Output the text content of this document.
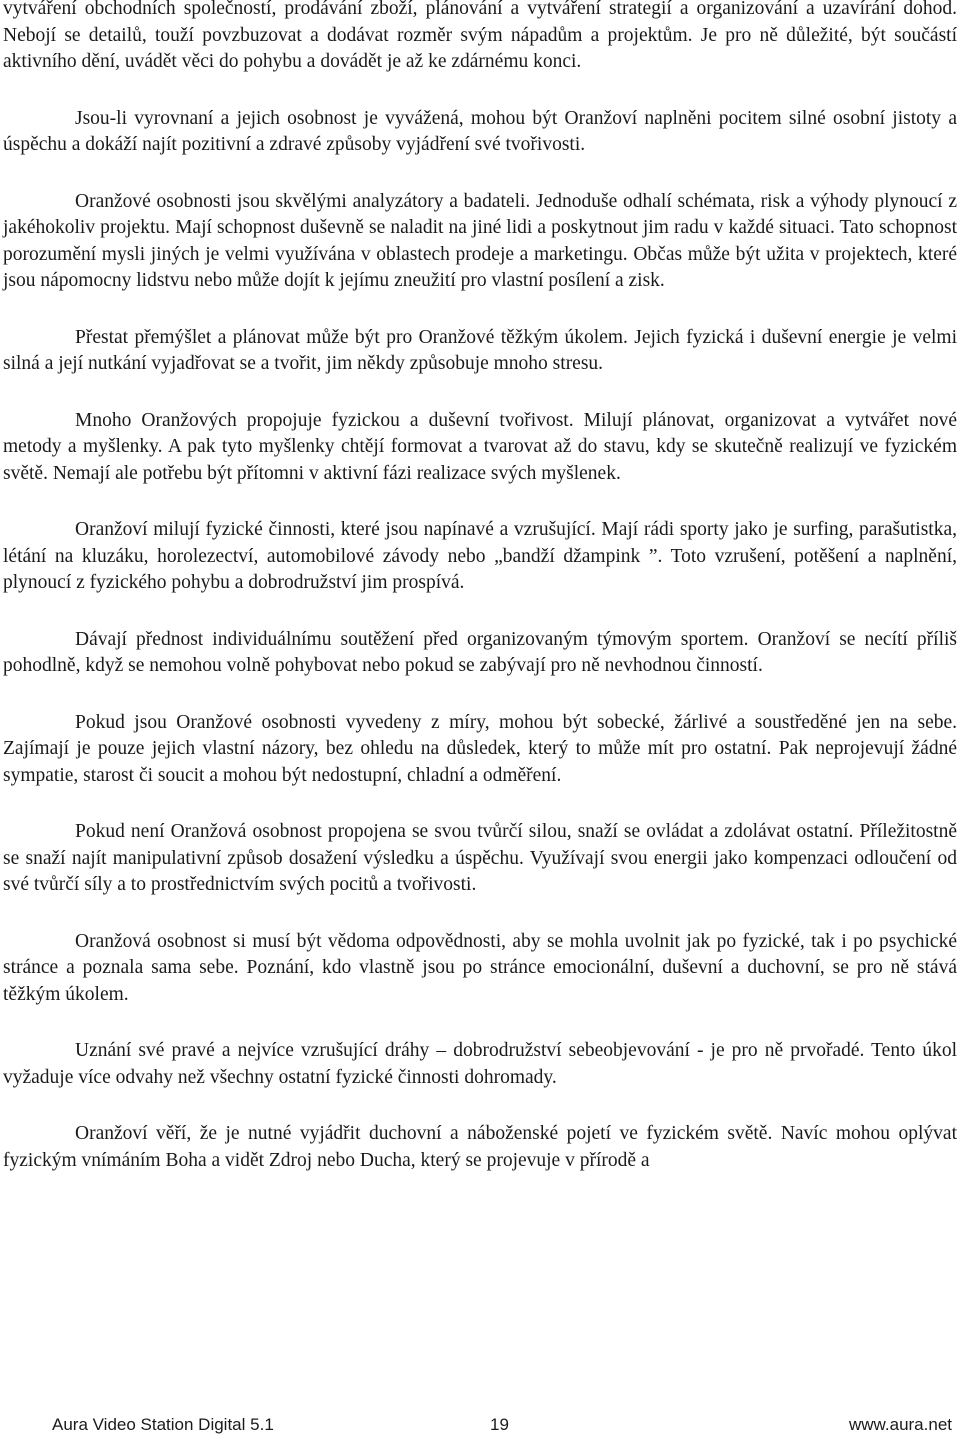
vytváření obchodních společností, prodávání zboží, plánování a vytváření strategií a organizování a uzavírání dohod. Nebojí se detailů, touží povzbuzovat a dodávat rozměr svým nápadům a projektům. Je pro ně důležité, být součástí aktivního dění, uvádět věci do pohybu a dovádět je až ke zdárnému konci.

Jsou-li vyrovnaní a jejich osobnost je vyvážená, mohou být Oranžoví naplněni pocitem silné osobní jistoty a úspěchu a dokáží najít pozitivní a zdravé způsoby vyjádření své tvořivosti.

Oranžové osobnosti jsou skvělými analyzátory a badateli. Jednoduše odhalí schémata, risk a výhody plynoucí z jakéhokoliv projektu. Mají schopnost duševně se naladit na jiné lidi a poskytnout jim radu v každé situaci. Tato schopnost porozumění mysli jiných je velmi využívána v oblastech prodeje a marketingu. Občas může být užita v projektech, které jsou nápomocny lidstvu nebo může dojít k jejímu zneužití pro vlastní posílení a zisk.

Přestat přemýšlet a plánovat může být pro Oranžové těžkým úkolem. Jejich fyzická i duševní energie je velmi silná a její nutkání vyjadřovat se a tvořit, jim někdy způsobuje mnoho stresu.

Mnoho Oranžových propojuje fyzickou a duševní tvořivost. Milují plánovat, organizovat a vytvářet nové metody a myšlenky. A pak tyto myšlenky chtějí formovat a tvarovat až do stavu, kdy se skutečně realizují ve fyzickém světě. Nemají ale potřebu být přítomni v aktivní fázi realizace svých myšlenek.

Oranžoví milují fyzické činnosti, které jsou napínavé a vzrušující. Mají rádi sporty jako je surfing, parašutistka, létání na kluzáku, horolezectví, automobilové závody nebo „bandží džampink ”. Toto vzrušení, potěšení a naplnění, plynoucí z fyzického pohybu a dobrodružství jim prospívá.

Dávají přednost individuálnímu soutěžení před organizovaným týmovým sportem. Oranžoví se necítí příliš pohodlně, když se nemohou volně pohybovat nebo pokud se zabývají pro ně nevhodnou činností.

Pokud jsou Oranžové osobnosti vyvedeny z míry, mohou být sobecké, žárlivé a soustředěné jen na sebe. Zajímají je pouze jejich vlastní názory, bez ohledu na důsledek, který to může mít pro ostatní. Pak neprojevují žádné sympatie, starost či soucit a mohou být nedostupní, chladní a odměření.

Pokud není Oranžová osobnost propojena se svou tvůrčí silou, snaží se ovládat a zdolávat ostatní. Příležitostně se snaží najít manipulativní způsob dosažení výsledku a úspěchu. Využívají svou energii jako kompenzaci odloučení od své tvůrčí síly a to prostřednictvím svých pocitů a tvořivosti.

Oranžová osobnost si musí být vědoma odpovědnosti, aby se mohla uvolnit jak po fyzické, tak i po psychické stránce a poznala sama sebe. Poznání, kdo vlastně jsou po stránce emocionální, duševní a duchovní, se pro ně stává těžkým úkolem.

Uznání své pravé a nejvíce vzrušující dráhy – dobrodružství sebeobjevování - je pro ně prvořadé. Tento úkol vyžaduje více odvahy než všechny ostatní fyzické činnosti dohromady.

Oranžoví věří, že je nutné vyjádřit duchovní a náboženské pojetí ve fyzickém světě. Navíc mohou oplývat fyzickým vnímáním Boha a vidět Zdroj nebo Ducha, který se projevuje v přírodě a

Aura Video Station Digital 5.1	19	www.aura.net
